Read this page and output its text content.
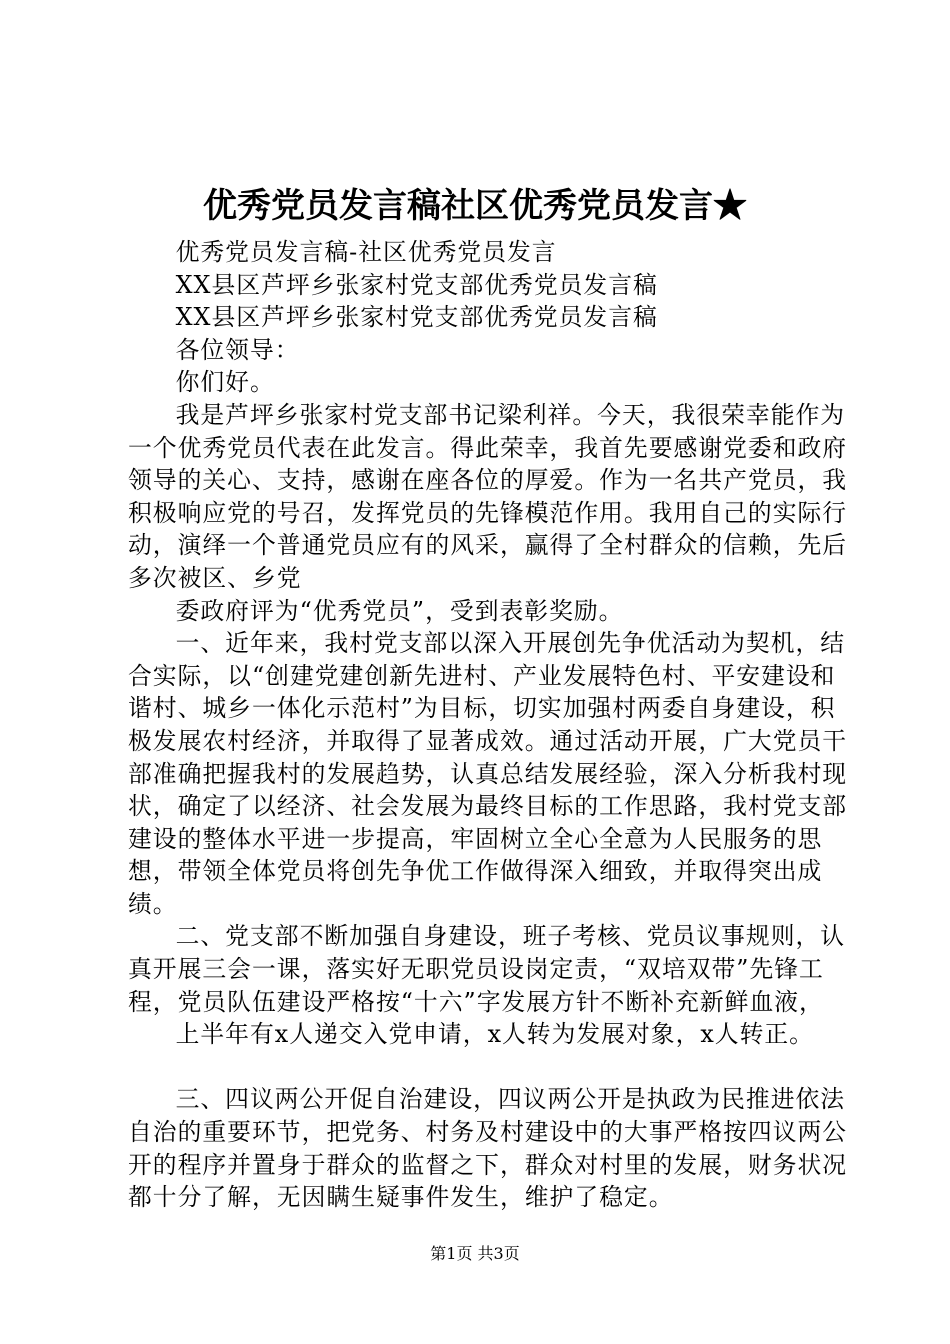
优秀党员发言稿社区优秀党员发言★

优秀党员发言稿-社区优秀党员发言

XX县区芦坪乡张家村党支部优秀党员发言稿

XX县区芦坪乡张家村党支部优秀党员发言稿

各位领导：

你们好。

我是芦坪乡张家村党支部书记梁利祥。今天，我很荣幸能作为一个优秀党员代表在此发言。得此荣幸，我首先要感谢党委和政府领导的关心、支持，感谢在座各位的厚爱。作为一名共产党员，我积极响应党的号召，发挥党员的先锋模范作用。我用自己的实际行动，演绎一个普通党员应有的风采，赢得了全村群众的信赖，先后多次被区、乡党

委政府评为“优秀党员”，受到表彰奖励。

一、近年来，我村党支部以深入开展创先争优活动为契机，结合实际，以“创建党建创新先进村、产业发展特色村、平安建设和谐村、城乡一体化示范村”为目标，切实加强村两委自身建设，积极发展农村经济，并取得了显著成效。通过活动开展，广大党员干部准确把握我村的发展趋势，认真总结发展经验，深入分析我村现状，确定了以经济、社会发展为最终目标的工作思路，我村党支部建设的整体水平进一步提高，牢固树立全心全意为人民服务的思想，带领全体党员将创先争优工作做得深入细致，并取得突出成绩。

二、党支部不断加强自身建设，班子考核、党员议事规则，认真开展三会一课，落实好无职党员设岗定责，“双培双带”先锋工程，党员队伍建设严格按“十六”字发展方针不断补充新鲜血液，

上半年有x人递交入党申请，x人转为发展对象，x人转正。

三、四议两公开促自治建设，四议两公开是执政为民推进依法自治的重要环节，把党务、村务及村建设中的大事严格按四议两公开的程序并置身于群众的监督之下，群众对村里的发展，财务状况都十分了解，无因瞒生疑事件发生，维护了稳定。

第1页 共3页
